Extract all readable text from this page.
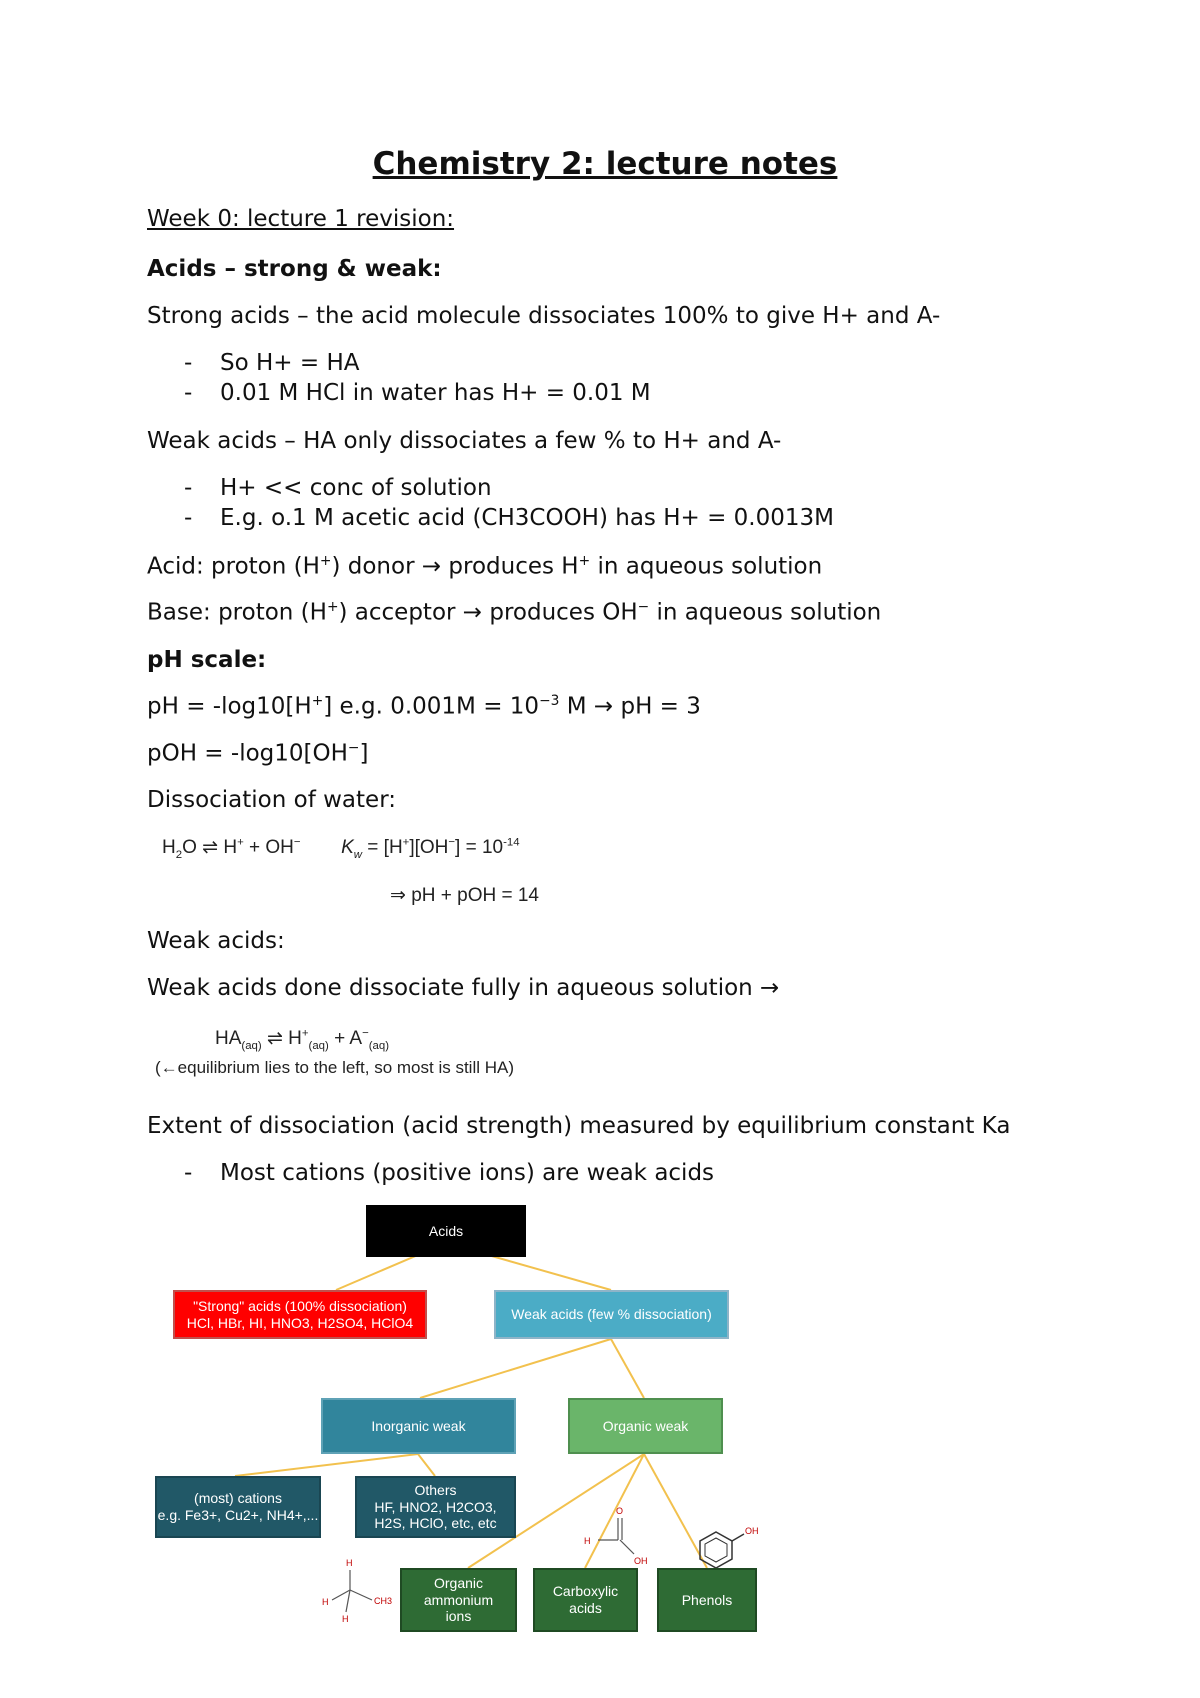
Chemistry 2: lecture notes
Week 0: lecture 1 revision:
Acids – strong & weak:
Strong acids – the acid molecule dissociates 100% to give H+ and A-
- So H+ = HA
- 0.01 M HCl in water has H+ = 0.01 M
Weak acids – HA only dissociates a few % to H+ and A-
- H+ << conc of solution
- E.g. o.1 M acetic acid (CH3COOH) has H+ = 0.0013M
Acid: proton (H+) donor → produces H+ in aqueous solution
Base: proton (H+) acceptor → produces OH− in aqueous solution
pH scale:
pH = -log10[H+] e.g. $0.001M = 10^{-3}$ M → pH = 3
pOH = -log10[OH−]
Dissociation of water:
$H_2O$ ⇌ H+ + OH− $K_w = [H^+][OH^-] = 10^{-14}$
⇒ pH + pOH = 14
Weak acids:
Weak acids done dissociate fully in aqueous solution →
$HA_{(aq)}$ ⇌ $H^+_{(aq)} + A^-_{(aq)}$
(←equilibrium lies to the left, so most is still HA)
Extent of dissociation (acid strength) measured by equilibrium constant Ka
- Most cations (positive ions) are weak acids
H
H
H
CH3
H
O
OH
OH
Acids
"Strong" acids (100% dissociation)
HCl, HBr, HI, HNO3, H2SO4, HClO4
Weak acids (few % dissociation)
Inorganic weak	Organic weak
(most) cations
e.g. Fe3+, Cu2+, NH4+,...
Others
HF, HNO2, H2CO3,
H2S, HClO, etc, etc
Organic ammonium ions
Carboxylic acids
Phenols
